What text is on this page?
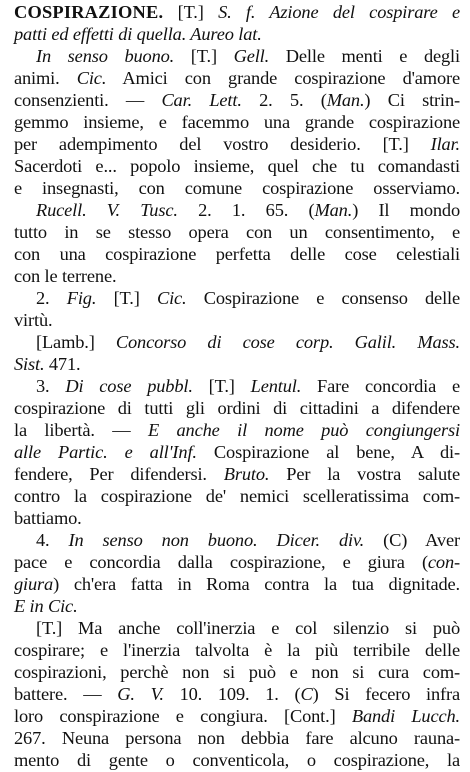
COSPIRAZIONE. [T.] S. f. Azione del cospirare e
patti ed effetti di quella. Aureo lat.
In senso buono. [T.] Gell. Delle menti e degli
animi. Cic. Amici con grande cospirazione d'amore
consenzienti. — Car. Lett. 2. 5. (Man.) Ci strin-
gemmo insieme, e facemmo una grande cospirazione
per adempimento del vostro desiderio. [T.] Ilar.
Sacerdoti e... popolo insieme, quel che tu comandasti
e insegnasti, con comune cospirazione osserviamo.
Rucell. V. Tusc. 2. 1. 65. (Man.) Il mondo
tutto in se stesso opera con un consentimento, e
con una cospirazione perfetta delle cose celestiali
con le terrene.
2. Fig. [T.] Cic. Cospirazione e consenso delle
virtù.
[Lamb.] Concorso di cose corp. Galil. Mass.
Sist. 471.
3. Di cose pubbl. [T.] Lentul. Fare concordia e
cospirazione di tutti gli ordini di cittadini a difendere
la libertà. — E anche il nome può congiungersi
alle Partic. e all'Inf. Cospirazione al bene, A di-
fendere, Per difendersi. Bruto. Per la vostra salute
contro la cospirazione de' nemici scelleratissima com-
battiamo.
4. In senso non buono. Dicer. div. (C) Aver
pace e concordia dalla cospirazione, e giura (con-
giura) ch'era fatta in Roma contra la tua dignitade.
E in Cic.
[T.] Ma anche coll'inerzia e col silenzio si può
cospirare; e l'inerzia talvolta è la più terribile delle
cospirazioni, perchè non si può e non si cura com-
battere. — G. V. 10. 109. 1. (C) Si fecero infra
loro conspirazione e congiura. [Cont.] Bandi Lucch.
267. Neuna persona non debbia fare alcuno rauna-
mento di gente o conventicola, o cospirazione, la
